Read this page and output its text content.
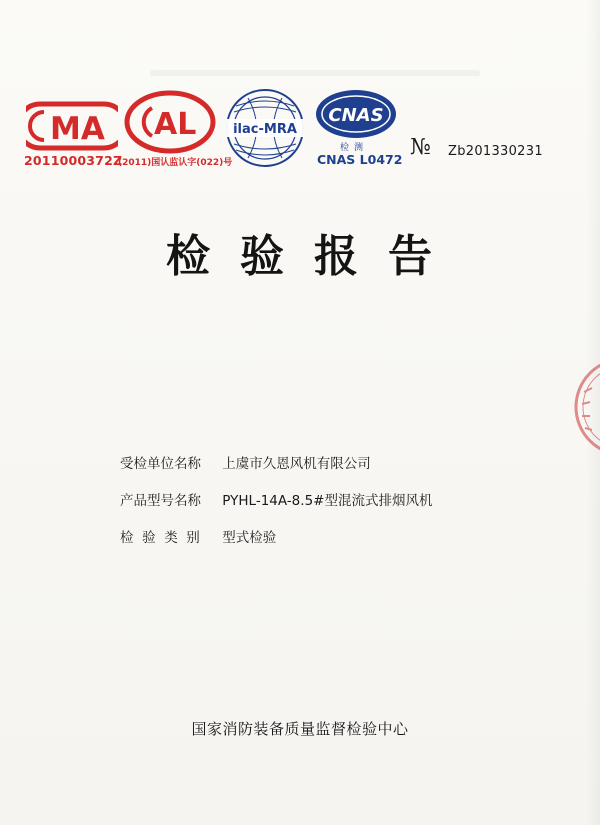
MA
2011000372Z
AL
(2011)国认监认字(022)号
ilac-MRA
CNAS
检测
CNAS L0472 № Zb201330231
检验报告
受检单位名称 上虞市久恩风机有限公司
产品型号名称 PYHL-14A-8.5#型混流式排烟风机
检验类别 型式检验
国家消防装备质量监督检验中心
